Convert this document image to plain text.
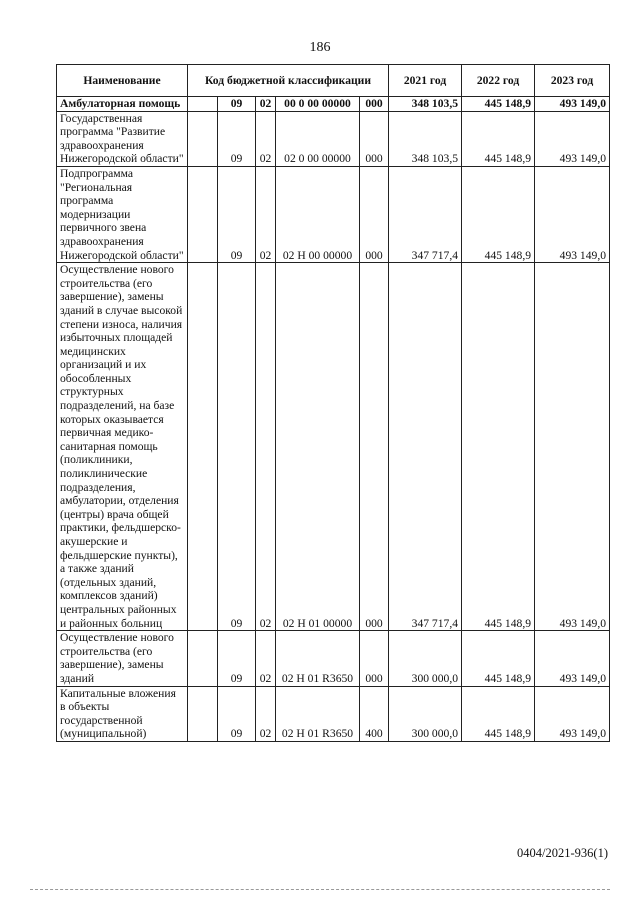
186
Наименование	Код бюджетной классификации					2021 год	2022 год	2023 год
Амбулаторная помощь		09	02	00 0 00 00000	000	348 103,5	445 148,9	493 149,0
Государственная программа "Развитие здравоохранения Нижегородской области"		09	02	02 0 00 00000	000	348 103,5	445 148,9	493 149,0
Подпрограмма "Региональная программа модернизации первичного звена здравоохранения Нижегородской области"		09	02	02 Н 00 00000	000	347 717,4	445 148,9	493 149,0
Осуществление нового строительства (его завершение), замены зданий в случае высокой степени износа, наличия избыточных площадей медицинских организаций и их обособленных структурных подразделений, на базе которых оказывается первичная медико-санитарная помощь (поликлиники, поликлинические подразделения, амбулатории, отделения (центры) врача общей практики, фельдшерско-акушерские и фельдшерские пункты), а также зданий (отдельных зданий, комплексов зданий) центральных районных и районных больниц		09	02	02 Н 01 00000	000	347 717,4	445 148,9	493 149,0
Осуществление нового строительства (его завершение), замены зданий		09	02	02 Н 01 R3650	000	300 000,0	445 148,9	493 149,0
Капитальные вложения в объекты государственной (муниципальной)		09	02	02 Н 01 R3650	400	300 000,0	445 148,9	493 149,0
0404/2021-936(1)
